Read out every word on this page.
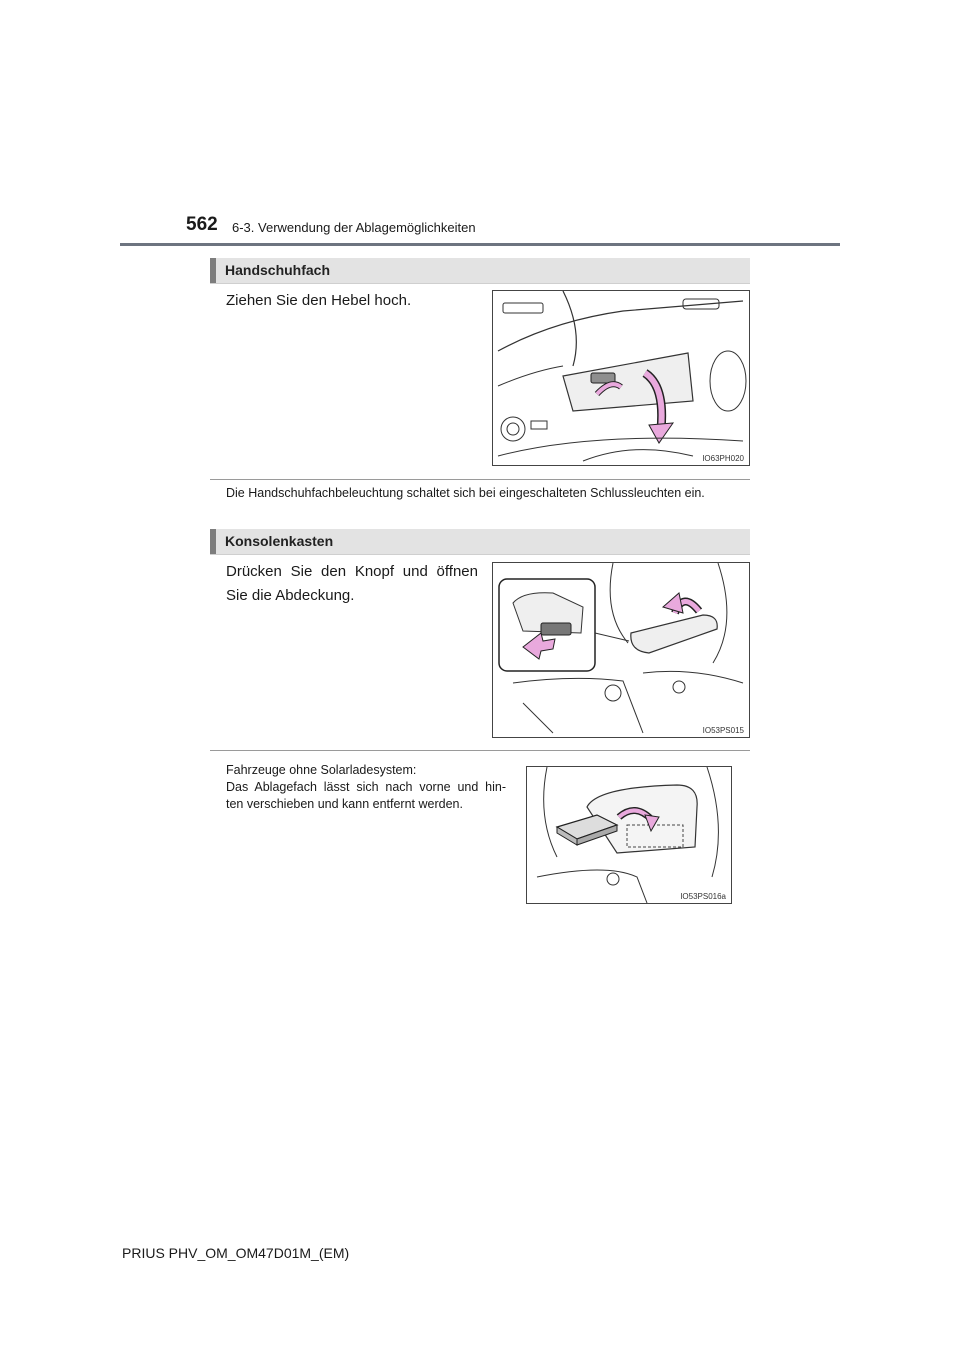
562 6-3. Verwendung der Ablagemöglichkeiten
Handschuhfach
Ziehen Sie den Hebel hoch.
IO63PH020
Die Handschuhfachbeleuchtung schaltet sich bei eingeschalteten Schlussleuchten ein.
Konsolenkasten
Drücken Sie den Knopf und öffnen
Sie die Abdeckung.
IO53PS015
Fahrzeuge ohne Solarladesystem:
Das Ablagefach lässt sich nach vorne und hin-
ten verschieben und kann entfernt werden.
IO53PS016a
PRIUS PHV_OM_OM47D01M_(EM)
